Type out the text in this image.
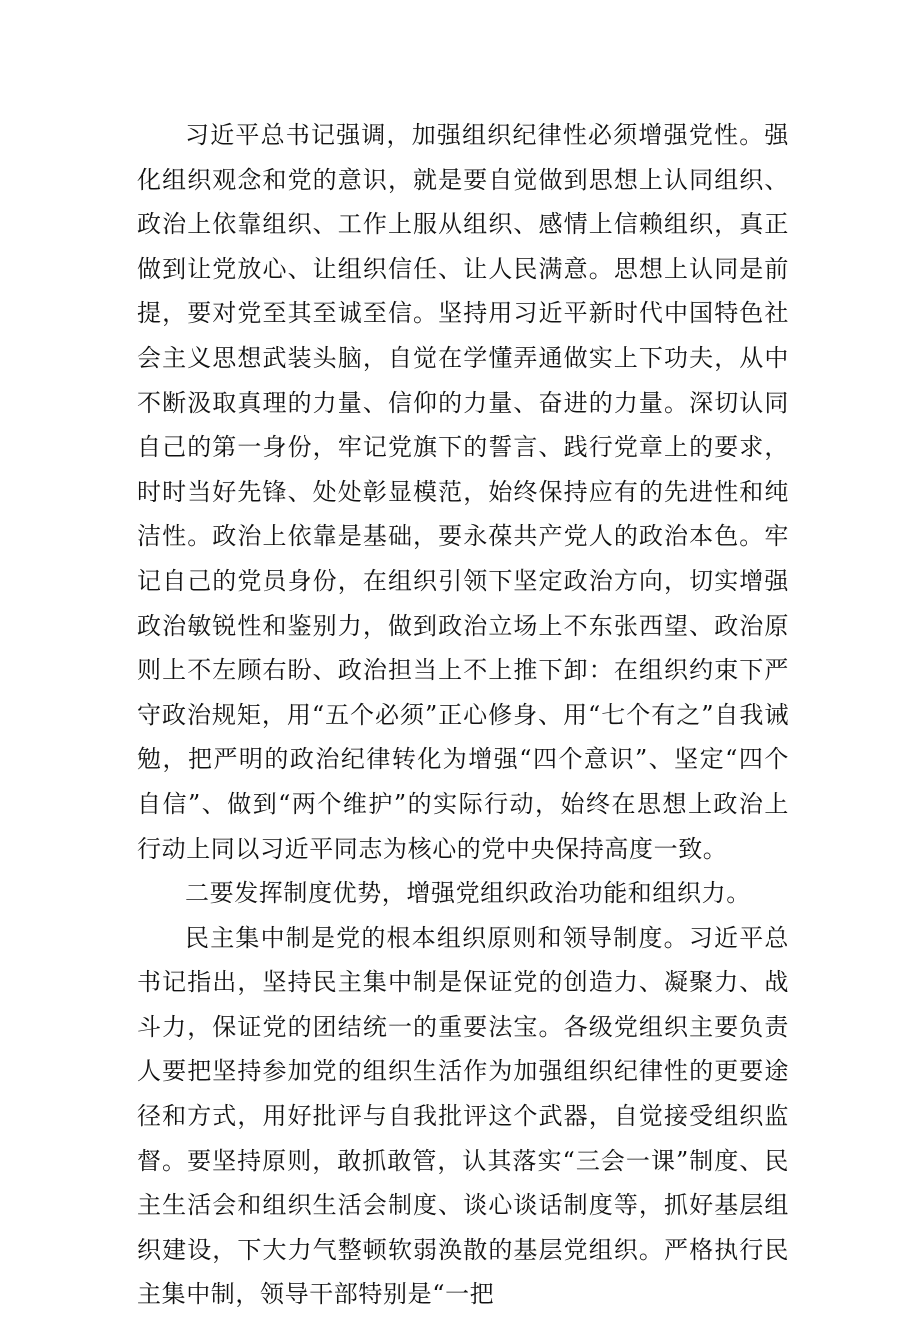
习近平总书记强调，加强组织纪律性必须增强党性。强化组织观念和党的意识，就是要自觉做到思想上认同组织、政治上依靠组织、工作上服从组织、感情上信赖组织，真正做到让党放心、让组织信任、让人民满意。思想上认同是前提，要对党至其至诚至信。坚持用习近平新时代中国特色社会主义思想武装头脑，自觉在学懂弄通做实上下功夫，从中不断汲取真理的力量、信仰的力量、奋进的力量。深切认同自己的第一身份，牢记党旗下的誓言、践行党章上的要求，时时当好先锋、处处彰显模范，始终保持应有的先进性和纯洁性。政治上依靠是基础，要永葆共产党人的政治本色。牢记自己的党员身份，在组织引领下坚定政治方向，切实增强政治敏锐性和鉴别力，做到政治立场上不东张西望、政治原则上不左顾右盼、政治担当上不上推下卸：在组织约束下严守政治规矩，用“五个必须”正心修身、用“七个有之”自我诫勉，把严明的政治纪律转化为增强“四个意识”、坚定“四个自信”、做到“两个维护”的实际行动，始终在思想上政治上行动上同以习近平同志为核心的党中央保持高度一致。

二要发挥制度优势，增强党组织政治功能和组织力。

民主集中制是党的根本组织原则和领导制度。习近平总书记指出，坚持民主集中制是保证党的创造力、凝聚力、战斗力，保证党的团结统一的重要法宝。各级党组织主要负责人要把坚持参加党的组织生活作为加强组织纪律性的更要途径和方式，用好批评与自我批评这个武器，自觉接受组织监督。要坚持原则，敢抓敢管，认其落实“三会一课”制度、民主生活会和组织生活会制度、谈心谈话制度等，抓好基层组织建设，下大力气整顿软弱涣散的基层党组织。严格执行民主集中制，领导干部特别是“一把
